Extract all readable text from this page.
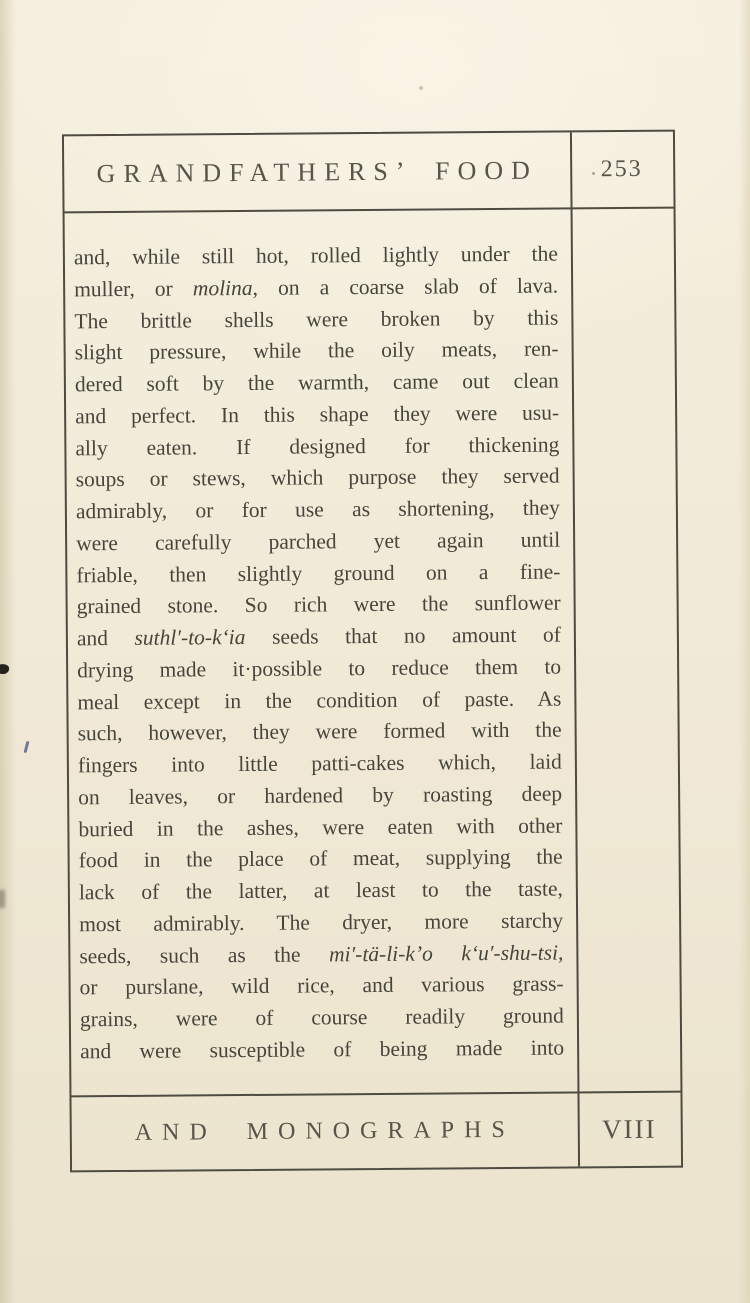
GRANDFATHERS’ FOOD	253
and, while still hot, rolled lightly under the
muller, or molina, on a coarse slab of lava.
The brittle shells were broken by this
slight pressure, while the oily meats, ren-
dered soft by the warmth, came out clean
and perfect. In this shape they were usu-
ally eaten. If designed for thickening
soups or stews, which purpose they served
admirably, or for use as shortening, they
were carefully parched yet again until
friable, then slightly ground on a fine-
grained stone. So rich were the sunflower
and suthl′-to-k‘ia seeds that no amount of
drying made it·possible to reduce them to
meal except in the condition of paste. As
such, however, they were formed with the
fingers into little patti-cakes which, laid
on leaves, or hardened by roasting deep
buried in the ashes, were eaten with other
food in the place of meat, supplying the
lack of the latter, at least to the taste,
most admirably. The dryer, more starchy
seeds, such as the mi′-tä-li-k’o k‘u′-shu-tsi,
or purslane, wild rice, and various grass-
grains, were of course readily ground
and were susceptible of being made into
AND MONOGRAPHS	VIII
